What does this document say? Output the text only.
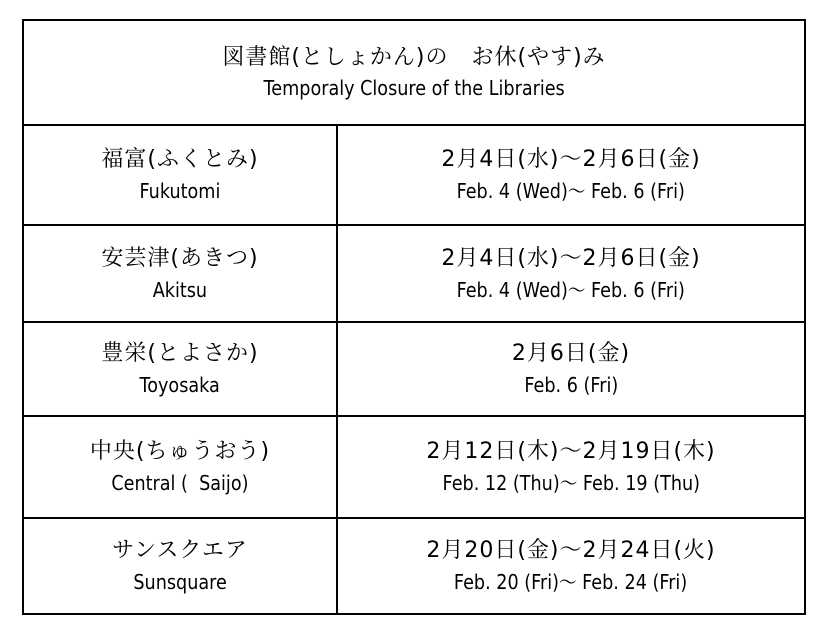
図書館(としょかん)の　お休(やす)み
Temporaly Closure of the Libraries
福富(ふくとみ)
Fukutomi
2月4日(水)～2月6日(金)
Feb. 4 (Wed)～ Feb. 6 (Fri)
安芸津(あきつ)
Akitsu
2月4日(水)～2月6日(金)
Feb. 4 (Wed)～ Feb. 6 (Fri)
豊栄(とよさか)
Toyosaka
2月6日(金)
Feb. 6 (Fri)
中央(ちゅうおう)
Central (  Saijo)
2月12日(木)～2月19日(木)
Feb. 12 (Thu)～ Feb. 19 (Thu)
サンスクエア
Sunsquare
2月20日(金)～2月24日(火)
Feb. 20 (Fri)～ Feb. 24 (Fri)
